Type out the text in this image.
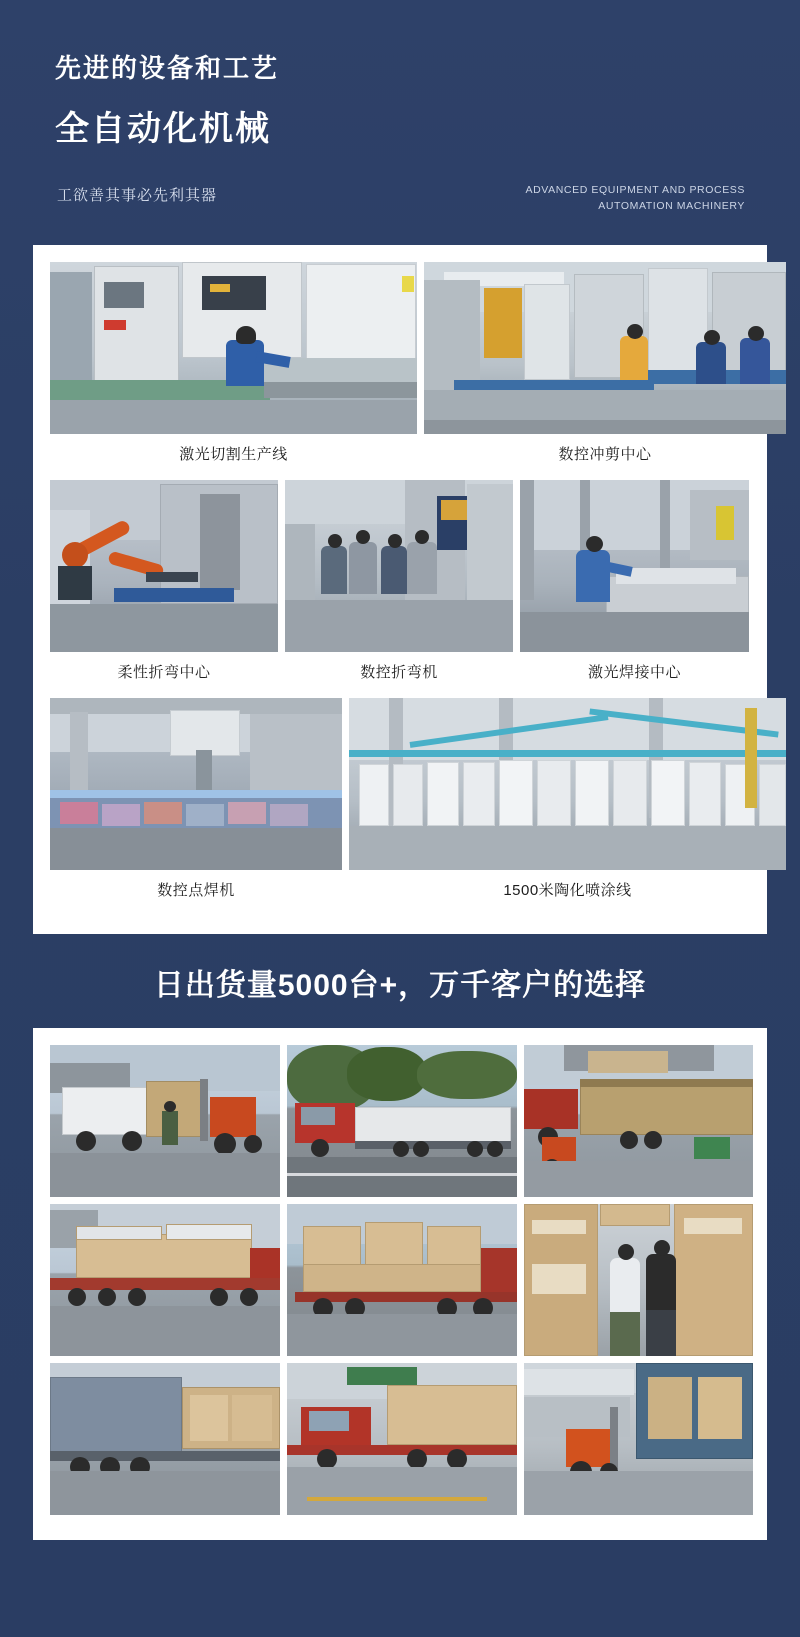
先进的设备和工艺
全自动化机械
工欲善其事必先利其器	ADVANCED EQUIPMENT AND PROCESS
AUTOMATION MACHINERY
激光切割生产线	数控冲剪中心
柔性折弯中心	数控折弯机	激光焊接中心
数控点焊机	1500米陶化喷涂线
日出货量5000台+，万千客户的选择
